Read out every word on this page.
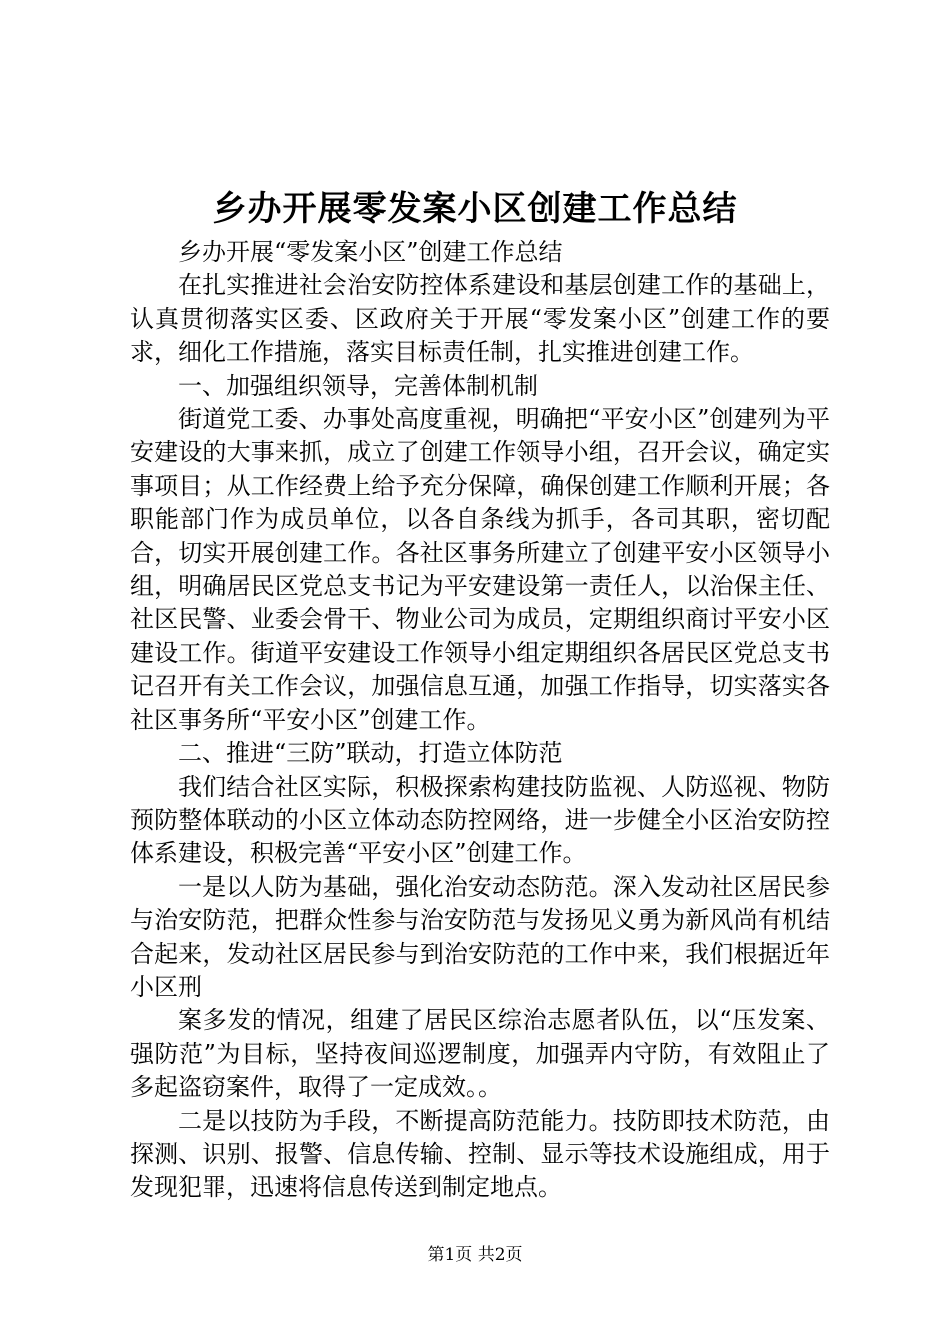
乡办开展零发案小区创建工作总结

乡办开展“零发案小区”创建工作总结

在扎实推进社会治安防控体系建设和基层创建工作的基础上，认真贯彻落实区委、区政府关于开展“零发案小区”创建工作的要求，细化工作措施，落实目标责任制，扎实推进创建工作。

一、加强组织领导，完善体制机制

街道党工委、办事处高度重视，明确把“平安小区”创建列为平安建设的大事来抓，成立了创建工作领导小组，召开会议，确定实事项目；从工作经费上给予充分保障，确保创建工作顺利开展；各职能部门作为成员单位，以各自条线为抓手，各司其职，密切配合，切实开展创建工作。各社区事务所建立了创建平安小区领导小组，明确居民区党总支书记为平安建设第一责任人，以治保主任、社区民警、业委会骨干、物业公司为成员，定期组织商讨平安小区建设工作。街道平安建设工作领导小组定期组织各居民区党总支书记召开有关工作会议，加强信息互通，加强工作指导，切实落实各社区事务所“平安小区”创建工作。

二、推进“三防”联动，打造立体防范

我们结合社区实际，积极探索构建技防监视、人防巡视、物防预防整体联动的小区立体动态防控网络，进一步健全小区治安防控体系建设，积极完善“平安小区”创建工作。

一是以人防为基础，强化治安动态防范。深入发动社区居民参与治安防范，把群众性参与治安防范与发扬见义勇为新风尚有机结合起来，发动社区居民参与到治安防范的工作中来，我们根据近年小区刑

案多发的情况，组建了居民区综治志愿者队伍，以“压发案、强防范”为目标，坚持夜间巡逻制度，加强弄内守防，有效阻止了多起盗窃案件，取得了一定成效。。

二是以技防为手段，不断提高防范能力。技防即技术防范，由探测、识别、报警、信息传输、控制、显示等技术设施组成，用于发现犯罪，迅速将信息传送到制定地点。

第1页 共2页
